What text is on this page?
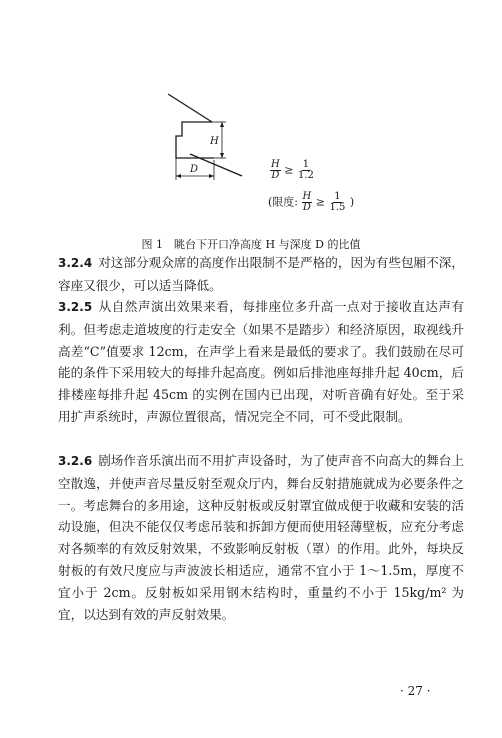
H
D	$\frac{H}{D} \ge \frac{1}{1.2}$
(限度: $\frac{H}{D} \ge \frac{1}{1.5}$ )
图 1　眺台下开口净高度 H 与深度 D 的比值
3.2.4 对这部分观众席的高度作出限制不是严格的，因为有些包厢不深，容座又很少，可以适当降低。
3.2.5 从自然声演出效果来看，每排座位多升高一点对于接收直达声有利。但考虑走道坡度的行走安全（如果不是踏步）和经济原因，取视线升高差“C”值要求 12cm，在声学上看来是最低的要求了。我们鼓励在尽可能的条件下采用较大的每排升起高度。例如后排池座每排升起 40cm，后排楼座每排升起 45cm 的实例在国内已出现，对听音确有好处。至于采用扩声系统时，声源位置很高，情况完全不同，可不受此限制。
3.2.6 剧场作音乐演出而不用扩声设备时，为了使声音不向高大的舞台上空散逸，并使声音尽量反射至观众厅内，舞台反射措施就成为必要条件之一。考虑舞台的多用途，这种反射板或反射罩宜做成便于收藏和安装的活动设施，但决不能仅仅考虑吊装和拆卸方便而使用轻薄壁板，应充分考虑对各频率的有效反射效果，不致影响反射板（罩）的作用。此外，每块反射板的有效尺度应与声波波长相适应，通常不宜小于 1～1.5m，厚度不宜小于 2cm。反射板如采用钢木结构时，重量约不小于 15kg/m² 为宜，以达到有效的声反射效果。
· 27 ·
